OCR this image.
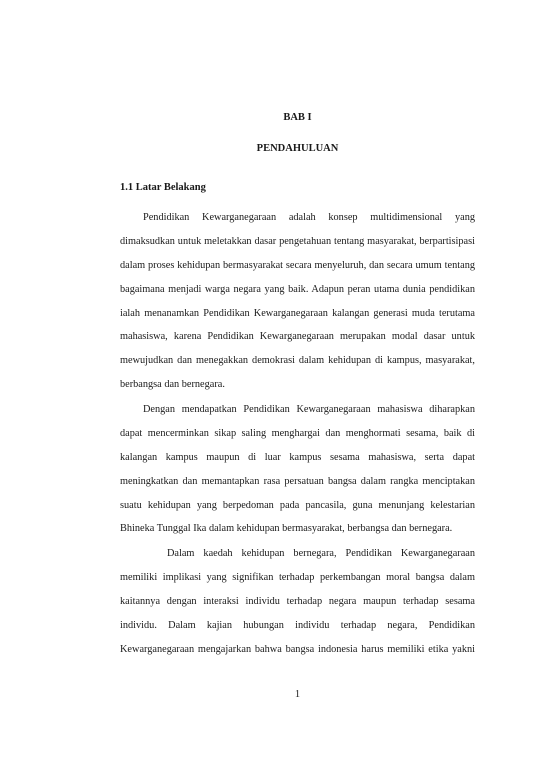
BAB I
PENDAHULUAN
1.1 Latar Belakang
Pendidikan Kewarganegaraan adalah konsep multidimensional yang
dimaksudkan untuk meletakkan dasar pengetahuan tentang masyarakat, berpartisipasi
dalam proses kehidupan bermasyarakat secara menyeluruh, dan secara umum tentang
bagaimana menjadi warga negara yang baik. Adapun peran utama dunia pendidikan
ialah menanamkan Pendidikan Kewarganegaraan kalangan generasi muda terutama
mahasiswa, karena Pendidikan Kewarganegaraan merupakan modal dasar untuk
mewujudkan dan menegakkan demokrasi dalam kehidupan di kampus, masyarakat,
berbangsa dan bernegara.
Dengan mendapatkan Pendidikan Kewarganegaraan mahasiswa diharapkan
dapat mencerminkan sikap saling menghargai dan menghormati sesama, baik di
kalangan kampus maupun di luar kampus sesama mahasiswa, serta dapat
meningkatkan dan memantapkan rasa persatuan bangsa dalam rangka menciptakan
suatu kehidupan yang berpedoman pada pancasila, guna menunjang kelestarian
Bhineka Tunggal Ika dalam kehidupan bermasyarakat, berbangsa dan bernegara.
Dalam kaedah kehidupan bernegara, Pendidikan Kewarganegaraan
memiliki implikasi yang signifikan terhadap perkembangan moral bangsa dalam
kaitannya dengan interaksi individu terhadap negara maupun terhadap sesama
individu. Dalam kajian hubungan individu terhadap negara, Pendidikan
Kewarganegaraan mengajarkan bahwa bangsa indonesia harus memiliki etika yakni
1
